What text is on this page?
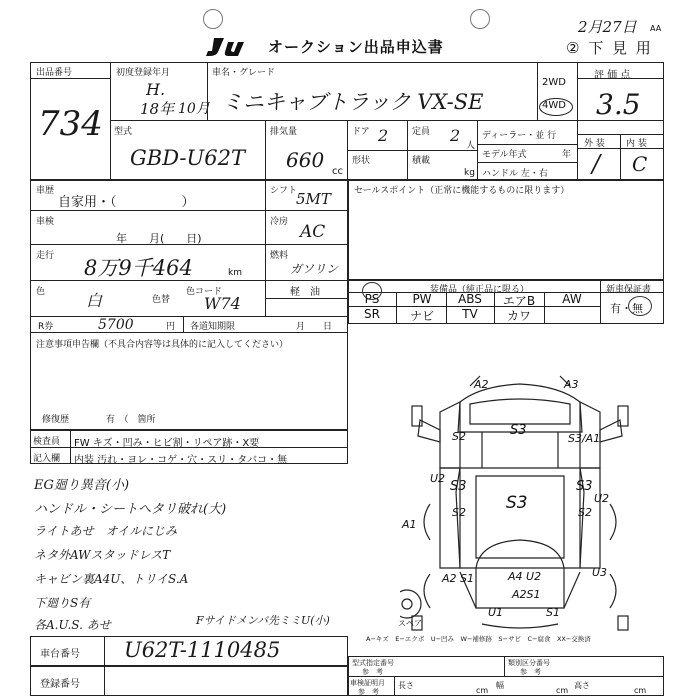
2月27日 AA
オークション出品申込書	② 下 見 用
出品番号
734
初度登録年月
H.
18年 10月
車名・グレード
ミニキャブトラック VX-SE
2WD
4WD
評 価 点
3.5
型式
GBD-U62T
排気量
660 cc
ドア 2	定員 2
人
形状	積載
kg
ディーラー・並 行
モデル年式	年
ハンドル 左・右
外 装 内 装
/ C
車歴
自家用・（　　　　　）
シフト
5MT
車検
年　　月(　　日)
冷房 AC
走行 8万9千464	km
燃料
ガソリン
軽　油
色	白	色替
色コード
W74
R券	5700	円 各道知期限	月　　日
注意事項申告欄（不具合内容等は具体的に記入してください）
修復歴	有　（　箇所
セールスポイント（正常に機能するものに限ります）
装備品（純正品に限る）	新車保証書
PS	PW	ABS	エアB	AW
SR	ナビ	TV	カワ
有・無
検査員
記入欄
FW キズ・凹み・ヒビ割・リペア跡・X要
内装 汚れ・ヨレ・コゲ・穴・スリ・タバコ・無
EG廻り異音(小)
ハンドル・シートへタリ破れ(大)
ライトあせ　オイルにじみ
ネタ外AWスタッドレスT
キャビン裏A4U、トリイS.A
下廻りS有
各A.U.S. あせ	Fサイドメンバ先ミミU(小)
A2	A3
S2	S3
S3/A1
U2
S3
S3
S3
U2
S2	S2
A1
A2 S1	A4 U2	U3
A2S1
U1	S1
スペア
A−キズ　E−エクボ　U−凹み　W−補修跡　S−サビ　C−腐食　XX−交換済
車台番号 U62T-1110485
登録番号
型式指定番号
参　考
類別区分番号
参　考
車検証明月
参　考
長さ
cm
幅
cm
高さ
cm
